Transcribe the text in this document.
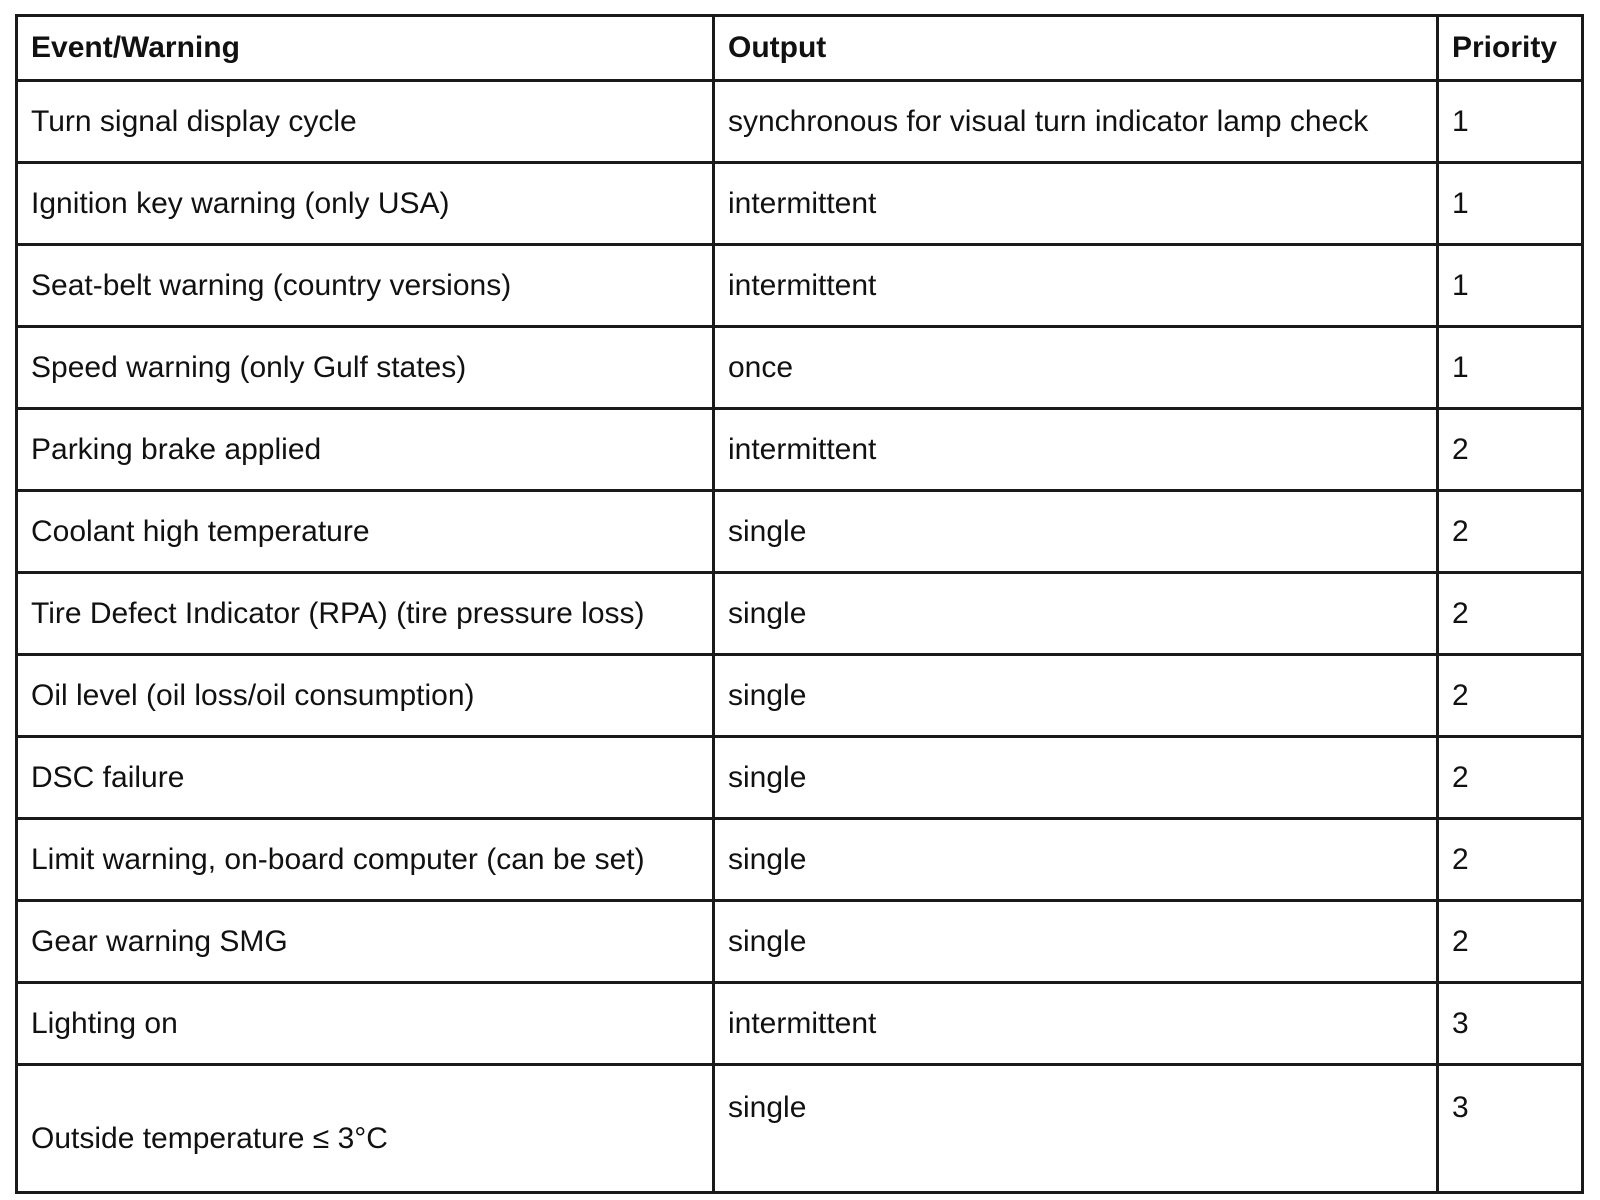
Event/Warning	Output	Priority
Turn signal display cycle	synchronous for visual turn indicator lamp check	1
Ignition key warning (only USA)	intermittent	1
Seat-belt warning (country versions)	intermittent	1
Speed warning (only Gulf states)	once	1
Parking brake applied	intermittent	2
Coolant high temperature	single	2
Tire Defect Indicator (RPA) (tire pressure loss)	single	2
Oil level (oil loss/oil consumption)	single	2
DSC failure	single	2
Limit warning, on-board computer (can be set)	single	2
Gear warning SMG	single	2
Lighting on	intermittent	3
Outside temperature ≤ 3°C	single	3
